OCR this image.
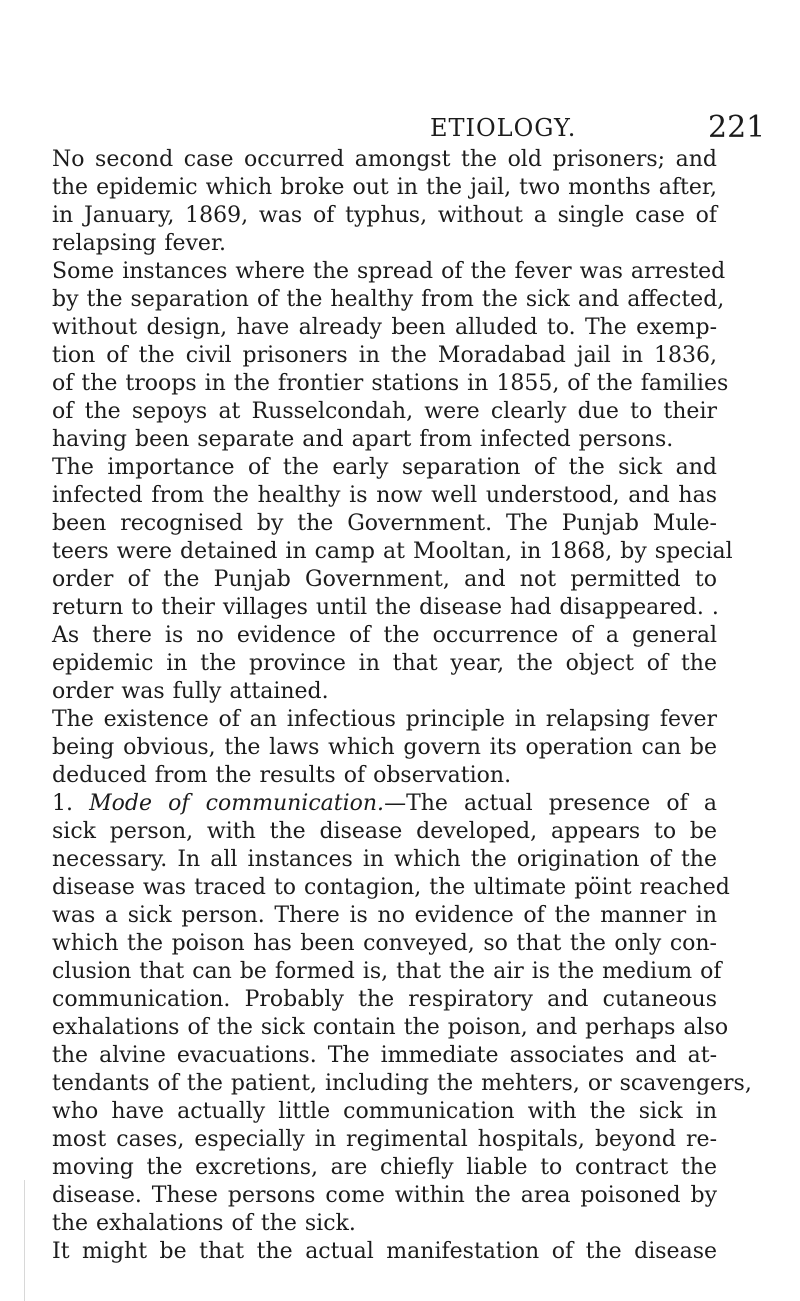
ETIOLOGY.	221
No second case occurred amongst the old prisoners; and
the epidemic which broke out in the jail, two months after,
in January, 1869, was of typhus, without a single case of
relapsing fever.
Some instances where the spread of the fever was arrested
by the separation of the healthy from the sick and affected,
without design, have already been alluded to. The exemp-
tion of the civil prisoners in the Moradabad jail in 1836,
of the troops in the frontier stations in 1855, of the families
of the sepoys at Russelcondah, were clearly due to their
having been separate and apart from infected persons.
The importance of the early separation of the sick and
infected from the healthy is now well understood, and has
been recognised by the Government. The Punjab Mule-
teers were detained in camp at Mooltan, in 1868, by special
order of the Punjab Government, and not permitted to
return to their villages until the disease had disappeared. .
As there is no evidence of the occurrence of a general
epidemic in the province in that year, the object of the
order was fully attained.
The existence of an infectious principle in relapsing fever
being obvious, the laws which govern its operation can be
deduced from the results of observation.
1. Mode of communication.—The actual presence of a
sick person, with the disease developed, appears to be
necessary. In all instances in which the origination of the
disease was traced to contagion, the ultimate pöint reached
was a sick person. There is no evidence of the manner in
which the poison has been conveyed, so that the only con-
clusion that can be formed is, that the air is the medium of
communication. Probably the respiratory and cutaneous
exhalations of the sick contain the poison, and perhaps also
the alvine evacuations. The immediate associates and at-
tendants of the patient, including the mehters, or scavengers,
who have actually little communication with the sick in
most cases, especially in regimental hospitals, beyond re-
moving the excretions, are chiefly liable to contract the
disease. These persons come within the area poisoned by
the exhalations of the sick.
It might be that the actual manifestation of the disease
